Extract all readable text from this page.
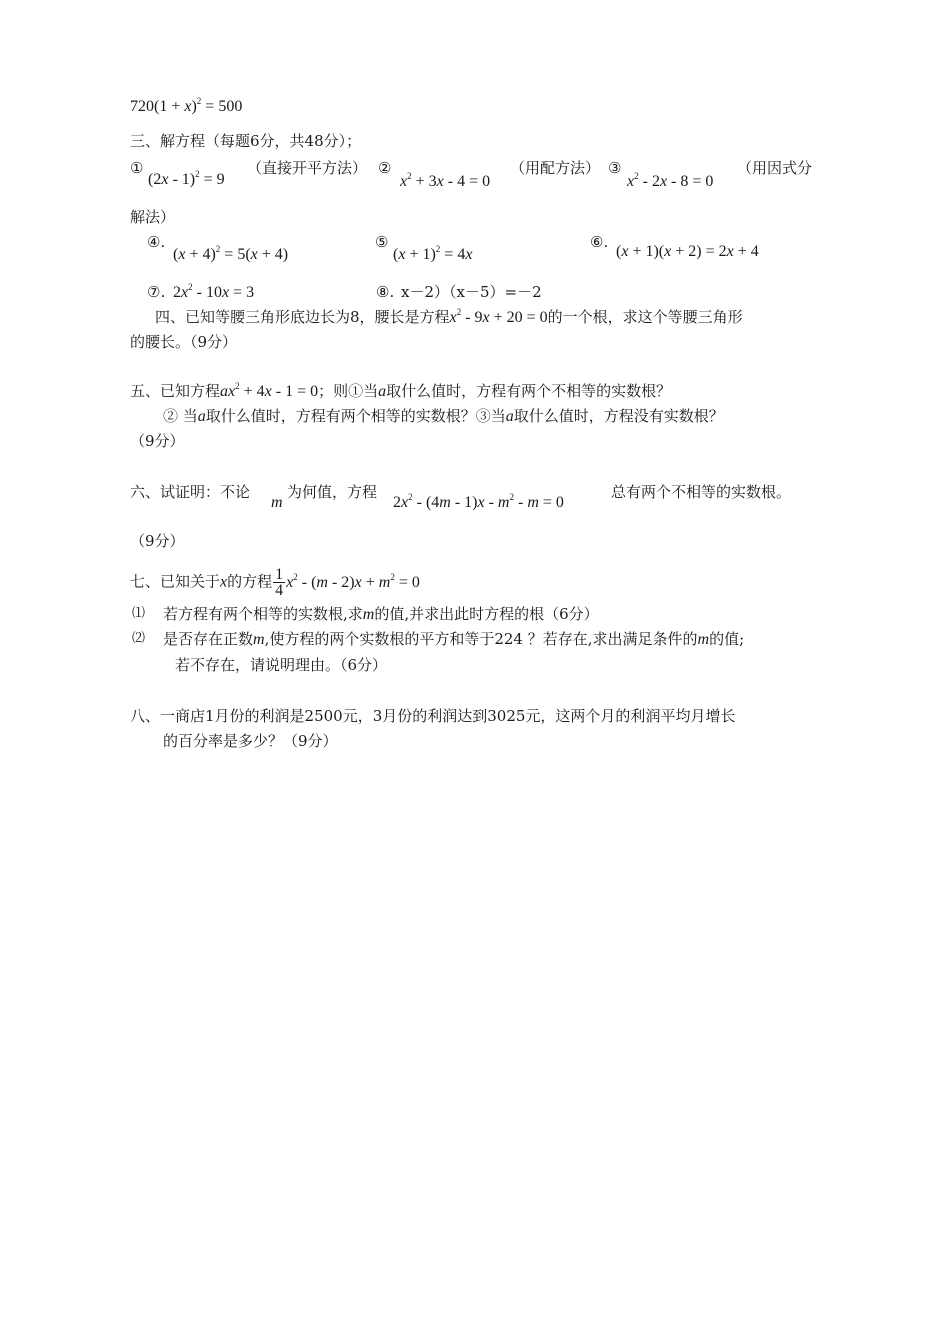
$720(1 + x)^2 = 500$
三、解方程（每题6分，共48分）；
①
(2x - 1)$^2$ = 9
（直接开平方法） ②
$x^2 + 3x - 4 = 0$
（用配方法） ③
$x^2 - 2x - 8 = 0$
（用因式分
解法）
④.
$(x + 4)^2 = 5(x + 4)$
⑤
$(x + 1)^2 = 4x$
⑥.
(x + 1)(x + 2) = 2x + 4
⑦. $2x^2 - 10x = 3$	⑧. x－2）（x－5）=－2
四、已知等腰三角形底边长为8，腰长是方程$x^2 - 9x + 20 = 0$的一个根，求这个等腰三角形
的腰长。（9分）
五、已知方程$ax^2 + 4x - 1 = 0$；则①当a取什么值时，方程有两个不相等的实数根？
② 当a取什么值时，方程有两个相等的实数根？③当a取什么值时，方程没有实数根？
（9分）
六、试证明：不论
m
为何值，方程
$2x^2 - (4m - 1)x - m^2 - m = 0$
总有两个不相等的实数根。
（9分）
七、已知关于x的方程 $\frac{1}{4} x^2 - (m - 2)x + m^2 = 0$
⑴ 若方程有两个相等的实数根,求m的值,并求出此时方程的根（6分）
⑵ 是否存在正数m,使方程的两个实数根的平方和等于224 ？若存在,求出满足条件的m的值;
若不存在，请说明理由。（6分）
八、一商店1月份的利润是2500元，3月份的利润达到3025元，这两个月的利润平均月增长
的百分率是多少？（9分）
